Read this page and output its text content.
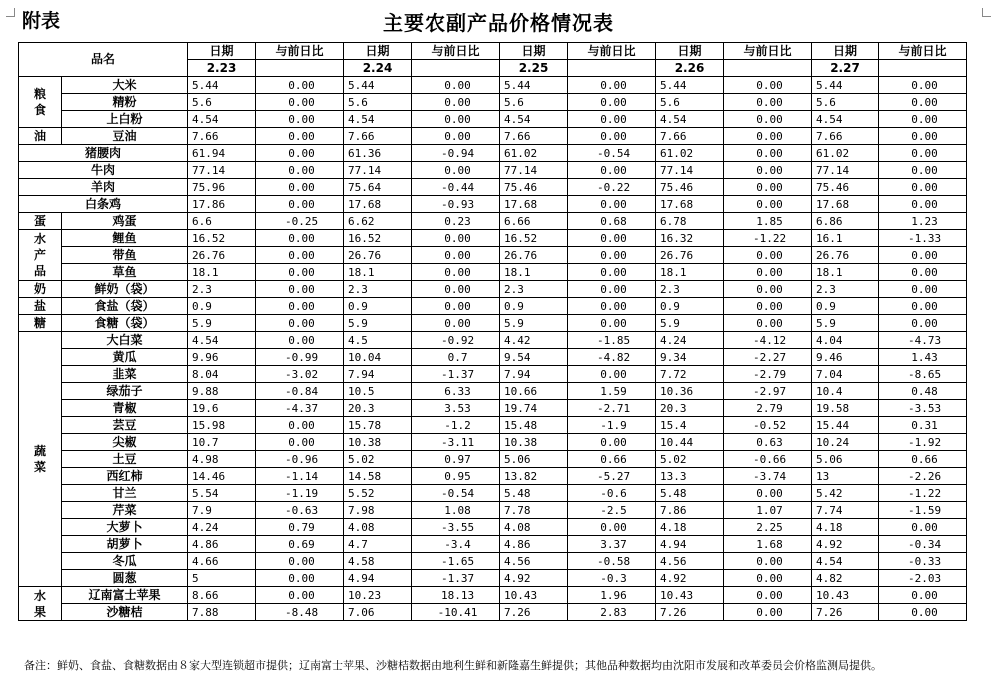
附表	主要农副产品价格情况表
品名		日期	与前日比	日期	与前日比	日期	与前日比	日期	与前日比	日期	与前日比
		2.23		2.24		2.25		2.26		2.27	
粮
食	大米	5.44	0.00	5.44	0.00	5.44	0.00	5.44	0.00	5.44	0.00
	精粉	5.6	0.00	5.6	0.00	5.6	0.00	5.6	0.00	5.6	0.00
	上白粉	4.54	0.00	4.54	0.00	4.54	0.00	4.54	0.00	4.54	0.00
油	豆油	7.66	0.00	7.66	0.00	7.66	0.00	7.66	0.00	7.66	0.00
猪腰肉		61.94	0.00	61.36	-0.94	61.02	-0.54	61.02	0.00	61.02	0.00
牛肉		77.14	0.00	77.14	0.00	77.14	0.00	77.14	0.00	77.14	0.00
羊肉		75.96	0.00	75.64	-0.44	75.46	-0.22	75.46	0.00	75.46	0.00
白条鸡		17.86	0.00	17.68	-0.93	17.68	0.00	17.68	0.00	17.68	0.00
蛋	鸡蛋	6.6	-0.25	6.62	0.23	6.66	0.68	6.78	1.85	6.86	1.23
水
产
品	鲤鱼	16.52	0.00	16.52	0.00	16.52	0.00	16.32	-1.22	16.1	-1.33
	带鱼	26.76	0.00	26.76	0.00	26.76	0.00	26.76	0.00	26.76	0.00
	草鱼	18.1	0.00	18.1	0.00	18.1	0.00	18.1	0.00	18.1	0.00
奶	鲜奶（袋）	2.3	0.00	2.3	0.00	2.3	0.00	2.3	0.00	2.3	0.00
盐	食盐（袋）	0.9	0.00	0.9	0.00	0.9	0.00	0.9	0.00	0.9	0.00
糖	食糖（袋）	5.9	0.00	5.9	0.00	5.9	0.00	5.9	0.00	5.9	0.00
蔬
菜	大白菜	4.54	0.00	4.5	-0.92	4.42	-1.85	4.24	-4.12	4.04	-4.73
	黄瓜	9.96	-0.99	10.04	0.7	9.54	-4.82	9.34	-2.27	9.46	1.43
	韭菜	8.04	-3.02	7.94	-1.37	7.94	0.00	7.72	-2.79	7.04	-8.65
	绿茄子	9.88	-0.84	10.5	6.33	10.66	1.59	10.36	-2.97	10.4	0.48
	青椒	19.6	-4.37	20.3	3.53	19.74	-2.71	20.3	2.79	19.58	-3.53
	芸豆	15.98	0.00	15.78	-1.2	15.48	-1.9	15.4	-0.52	15.44	0.31
	尖椒	10.7	0.00	10.38	-3.11	10.38	0.00	10.44	0.63	10.24	-1.92
	土豆	4.98	-0.96	5.02	0.97	5.06	0.66	5.02	-0.66	5.06	0.66
	西红柿	14.46	-1.14	14.58	0.95	13.82	-5.27	13.3	-3.74	13	-2.26
	甘兰	5.54	-1.19	5.52	-0.54	5.48	-0.6	5.48	0.00	5.42	-1.22
	芹菜	7.9	-0.63	7.98	1.08	7.78	-2.5	7.86	1.07	7.74	-1.59
	大萝卜	4.24	0.79	4.08	-3.55	4.08	0.00	4.18	2.25	4.18	0.00
	胡萝卜	4.86	0.69	4.7	-3.4	4.86	3.37	4.94	1.68	4.92	-0.34
	冬瓜	4.66	0.00	4.58	-1.65	4.56	-0.58	4.56	0.00	4.54	-0.33
	圆葱	5	0.00	4.94	-1.37	4.92	-0.3	4.92	0.00	4.82	-2.03
水
果	辽南富士苹果	8.66	0.00	10.23	18.13	10.43	1.96	10.43	0.00	10.43	0.00
	沙糖桔	7.88	-8.48	7.06	-10.41	7.26	2.83	7.26	0.00	7.26	0.00
备注：鲜奶、食盐、食糖数据由８家大型连锁超市提供；辽南富士苹果、沙糖桔数据由地利生鲜和新隆嘉生鲜提供；其他品种数据均由沈阳市发展和改革委员会价格监测局提供。
